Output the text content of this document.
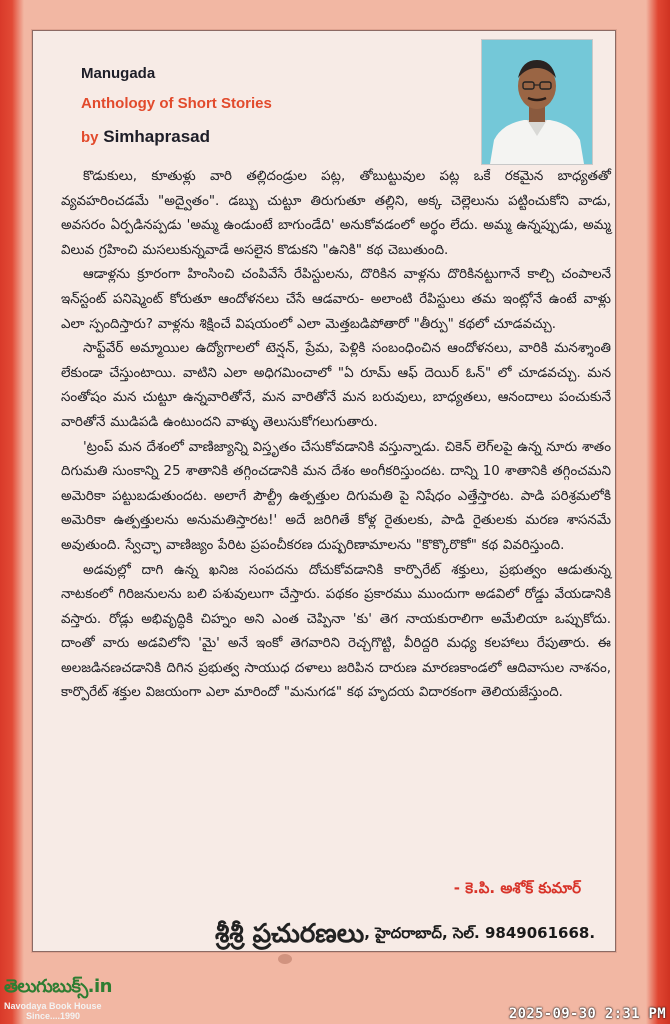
Manugada
Anthology of Short Stories
by Simhaprasad

కొడుకులు, కూతుళ్లు వారి తల్లిదండ్రుల పట్ల, తోబుట్టువుల పట్ల ఒకే రకమైన బాధ్యతతో వ్యవహరించడమే "అద్వైతం". డబ్బు చుట్టూ తిరుగుతూ తల్లిని, అక్క చెల్లెలును పట్టించుకోని వాడు, అవసరం ఏర్పడినప్పడు 'అమ్మ ఉండుంటే బాగుండేది' అనుకోవడంలో అర్థం లేదు. అమ్మ ఉన్నప్పుడు, అమ్మ విలువ గ్రహించి మసలుకున్నవాడే అసలైన కొడుకని "ఉనికి" కథ చెబుతుంది.

ఆడాళ్లను క్రూరంగా హింసించి చంపివేసే రేపిస్టులను, దొరికిన వాళ్లను దొరికినట్టుగానే కాల్చి చంపాలనే ఇన్‌స్టంట్ పనిష్మెంట్ కోరుతూ ఆందోళనలు చేసే ఆడవారు- అలాంటి రేపిస్టులు తమ ఇంట్లోనే ఉంటే వాళ్లు ఎలా స్పందిస్తారు? వాళ్లను శిక్షించే విషయంలో ఎలా మెత్తబడిపోతారో "తీర్పు" కథలో చూడవచ్చు.

సాఫ్ట్‌వేర్ అమ్మాయిల ఉద్యోగాలలో టెన్షన్, ప్రేమ, పెళ్లికి సంబంధించిన ఆందోళనలు, వారికి మనశ్శాంతి లేకుండా చేస్తుంటాయి. వాటిని ఎలా అధిగమించాలో "ఏ రూమ్ ఆఫ్ దెయిర్ ఓన్" లో చూడవచ్చు. మన సంతోషం మన చుట్టూ ఉన్నవారితోనే, మన వారితోనే మన బరువులు, బాధ్యతలు, ఆనందాలు పంచుకునే వారితోనే ముడిపడి ఉంటుందని వాళ్ళు తెలుసుకోగలుగుతారు.

'ట్రంప్ మన దేశంలో వాణిజ్యాన్ని విస్తృతం చేసుకోవడానికి వస్తున్నాడు. చికెన్ లెగ్‌లపై ఉన్న నూరు శాతం దిగుమతి సుంకాన్ని 25 శాతానికి తగ్గించడానికి మన దేశం అంగీకరిస్తుందట. దాన్ని 10 శాతానికి తగ్గించమని అమెరికా పట్టుబడుతుందట. అలాగే పౌల్ట్రీ ఉత్పత్తుల దిగుమతి పై నిషేధం ఎత్తేస్తారట. పాడి పరిశ్రమలోకి అమెరికా ఉత్పత్తులను అనుమతిస్తారట!' అదే జరిగితే కోళ్ల రైతులకు, పాడి రైతులకు మరణ శాసనమే అవుతుంది. స్వేచ్ఛా వాణిజ్యం పేరిట ప్రపంచీకరణ దుష్పరిణామాలను "కొక్కొరొకో" కథ వివరిస్తుంది.

అడవుల్లో దాగి ఉన్న ఖనిజ సంపదను దోచుకోవడానికి కార్పొరేట్ శక్తులు, ప్రభుత్వం ఆడుతున్న నాటకంలో గిరిజనులను బలి పశువులుగా చేస్తారు. పథకం ప్రకారము ముందుగా అడవిలో రోడ్డు వేయడానికి వస్తారు. రోడ్లు అభివృద్ధికి చిహ్నం అని ఎంత చెప్పినా 'కు' తెగ నాయకురాలిగా అమేలియా ఒప్పుకోదు. దాంతో వారు అడవిలోని 'మై' అనే ఇంకో తెగవారిని రెచ్చగొట్టి, వీరిద్దరి మధ్య కలహాలు రేపుతారు. ఈ అలజడినణచడానికి దిగిన ప్రభుత్వ సాయుధ దళాలు జరిపిన దారుణ మారణకాండలో ఆదివాసుల నాశనం, కార్పొరేట్ శక్తుల విజయంగా ఎలా మారిందో "మనుగడ" కథ హృదయ విదారకంగా తెలియజేస్తుంది.

- కె.పి. అశోక్ కుమార్
శ్రీశ్రీ ప్రచురణలు, హైదరాబాద్, సెల్. 9849061668.
తెలుగుబుక్స్.in
Navodaya Book House
Since....1990	2025-09-30 2:31 PM
